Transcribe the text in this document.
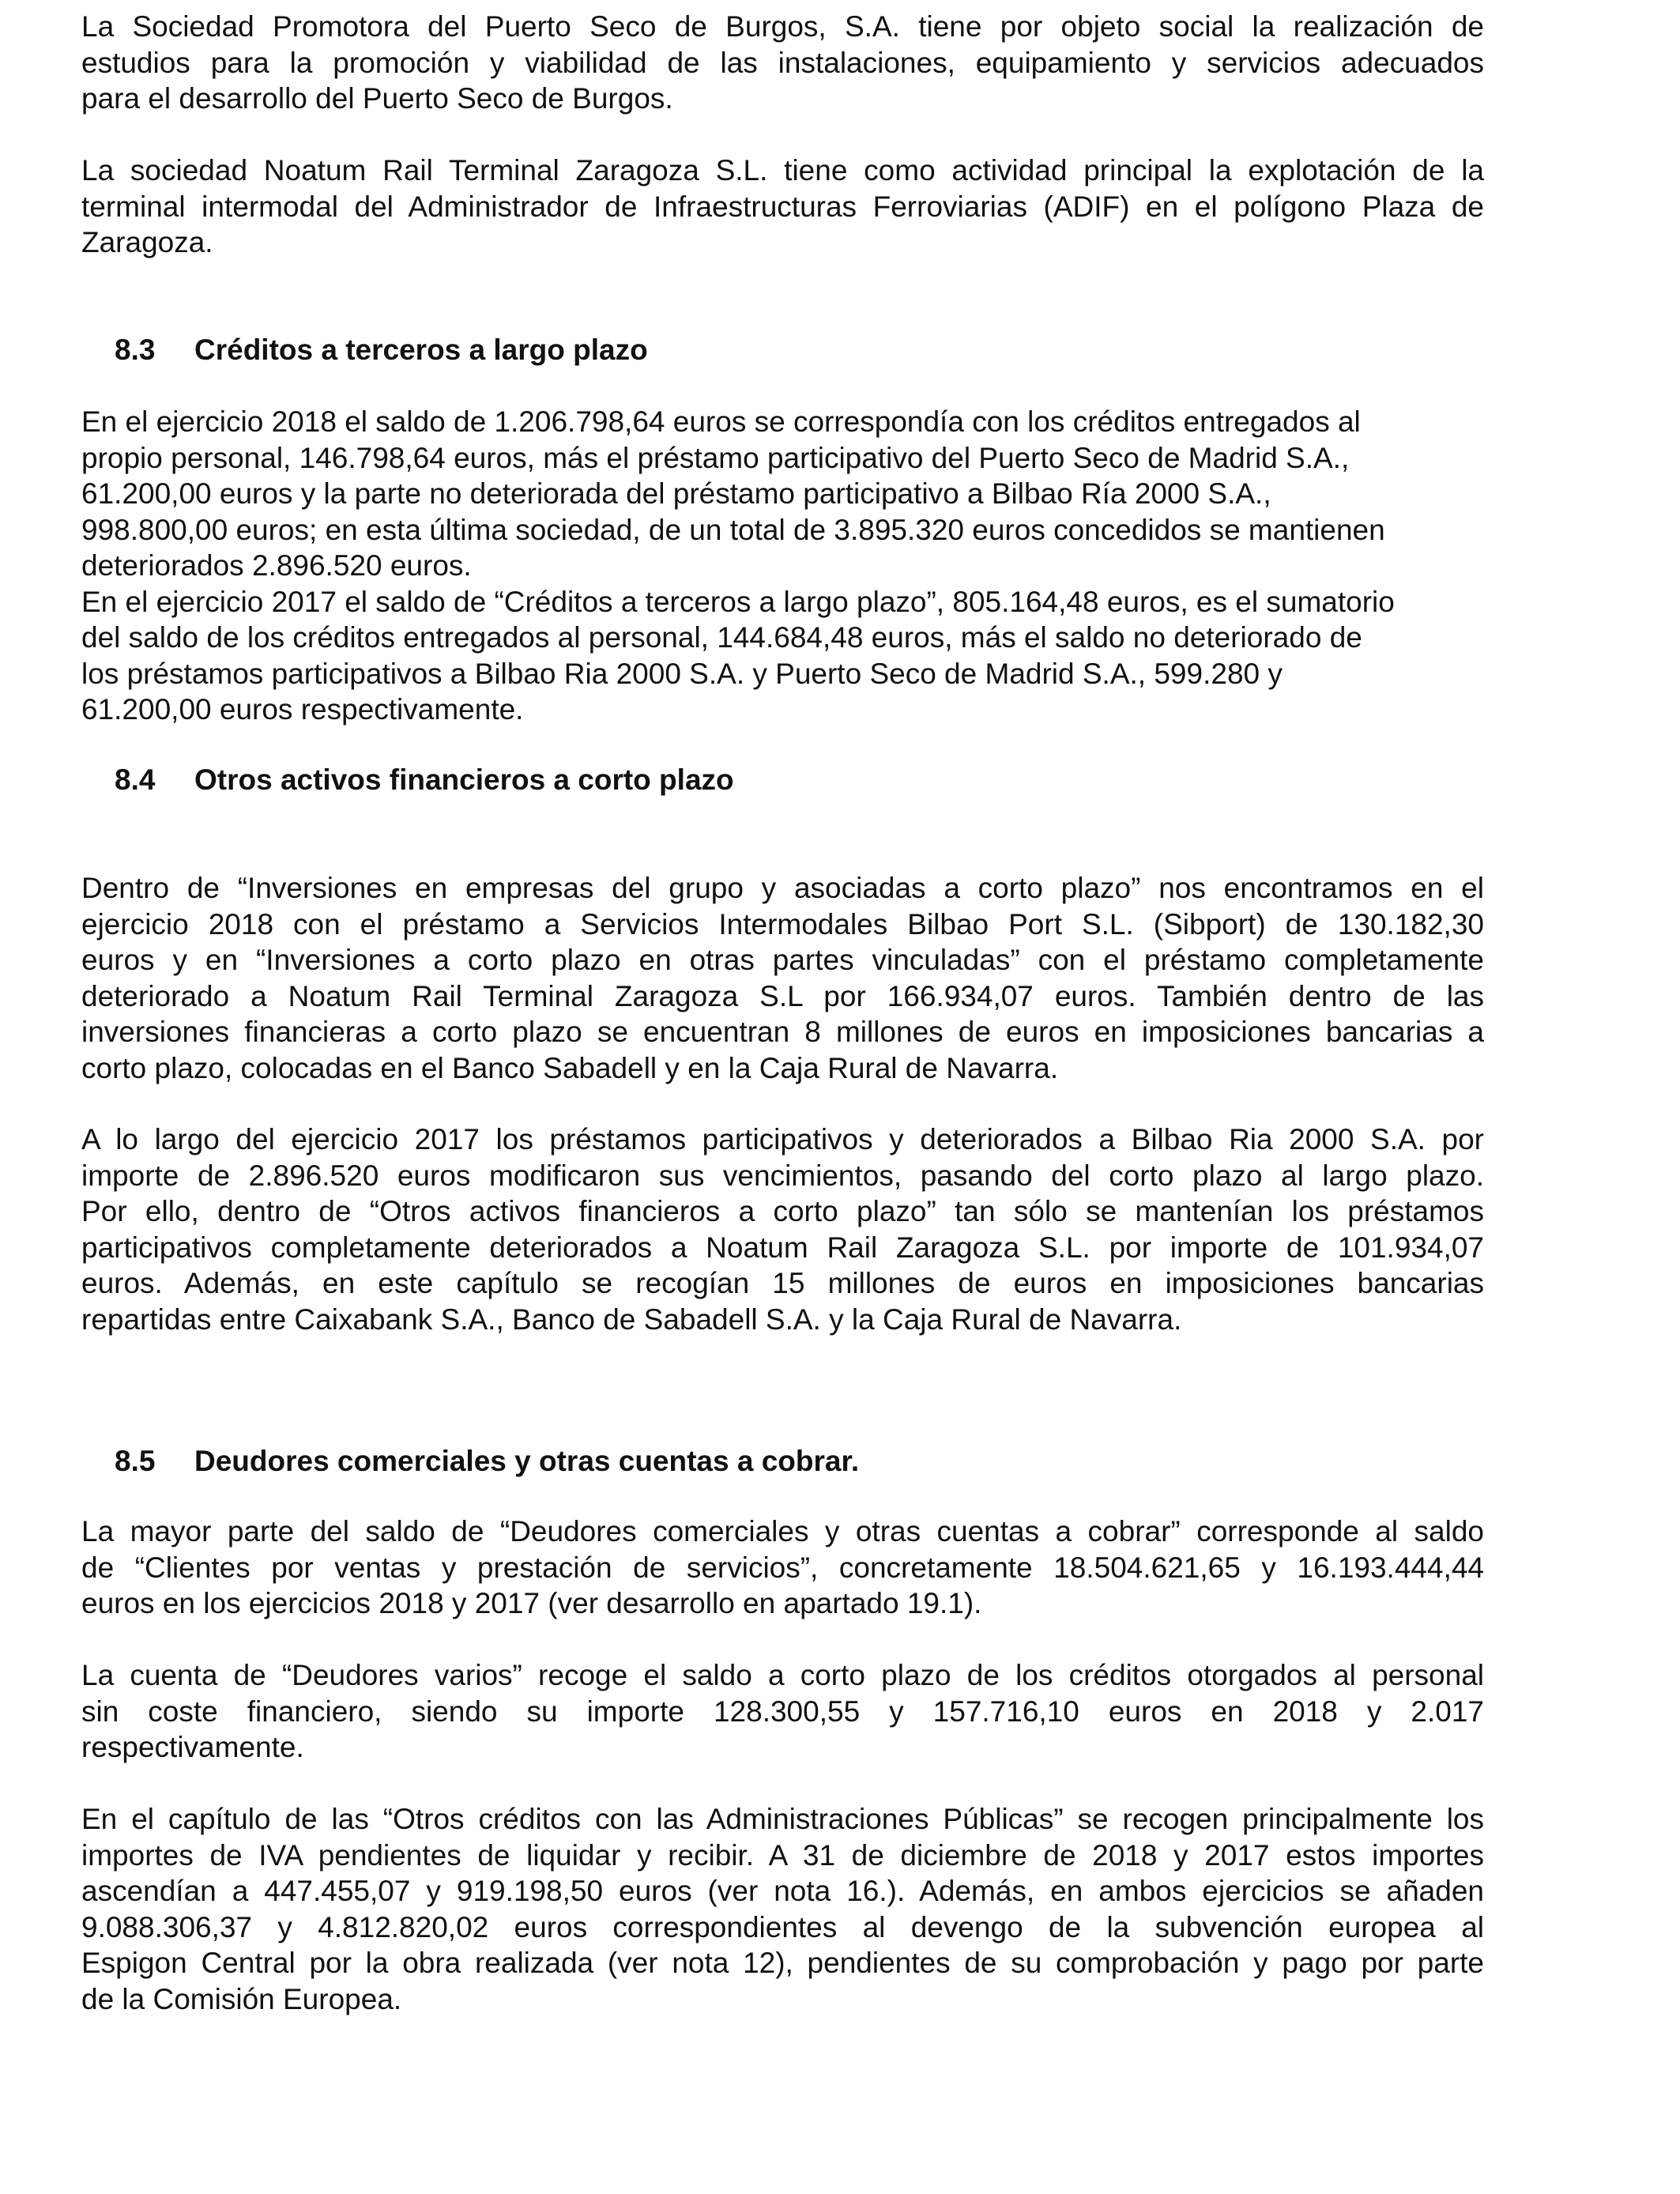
La Sociedad Promotora del Puerto Seco de Burgos, S.A. tiene por objeto social la realización de
estudios para la promoción y viabilidad de las instalaciones, equipamiento y servicios adecuados
para el desarrollo del Puerto Seco de Burgos.

La sociedad Noatum Rail Terminal Zaragoza S.L. tiene como actividad principal la explotación de la
terminal intermodal del Administrador de Infraestructuras Ferroviarias (ADIF) en el polígono Plaza de
Zaragoza.

8.3 Créditos a terceros a largo plazo

En el ejercicio 2018 el saldo de 1.206.798,64 euros se correspondía con los créditos entregados al
propio personal, 146.798,64 euros, más el préstamo participativo del Puerto Seco de Madrid S.A.,
61.200,00 euros y la parte no deteriorada del préstamo participativo a Bilbao Ría 2000 S.A.,
998.800,00 euros; en esta última sociedad, de un total de 3.895.320 euros concedidos se mantienen
deteriorados 2.896.520 euros.
En el ejercicio 2017 el saldo de “Créditos a terceros a largo plazo”, 805.164,48 euros, es el sumatorio
del saldo de los créditos entregados al personal, 144.684,48 euros, más el saldo no deteriorado de
los préstamos participativos a Bilbao Ria 2000 S.A. y Puerto Seco de Madrid S.A., 599.280 y
61.200,00 euros respectivamente.

8.4 Otros activos financieros a corto plazo

Dentro de “Inversiones en empresas del grupo y asociadas a corto plazo” nos encontramos en el
ejercicio 2018 con el préstamo a Servicios Intermodales Bilbao Port S.L. (Sibport) de 130.182,30
euros y en “Inversiones a corto plazo en otras partes vinculadas” con el préstamo completamente
deteriorado a Noatum Rail Terminal Zaragoza S.L por 166.934,07 euros. También dentro de las
inversiones financieras a corto plazo se encuentran 8 millones de euros en imposiciones bancarias a
corto plazo, colocadas en el Banco Sabadell y en la Caja Rural de Navarra.

A lo largo del ejercicio 2017 los préstamos participativos y deteriorados a Bilbao Ria 2000 S.A. por
importe de 2.896.520 euros modificaron sus vencimientos, pasando del corto plazo al largo plazo.
Por ello, dentro de “Otros activos financieros a corto plazo” tan sólo se mantenían los préstamos
participativos completamente deteriorados a Noatum Rail Zaragoza S.L. por importe de 101.934,07
euros. Además, en este capítulo se recogían 15 millones de euros en imposiciones bancarias
repartidas entre Caixabank S.A., Banco de Sabadell S.A. y la Caja Rural de Navarra.

8.5 Deudores comerciales y otras cuentas a cobrar.

La mayor parte del saldo de “Deudores comerciales y otras cuentas a cobrar” corresponde al saldo
de “Clientes por ventas y prestación de servicios”, concretamente 18.504.621,65 y 16.193.444,44
euros en los ejercicios 2018 y 2017 (ver desarrollo en apartado 19.1).

La cuenta de “Deudores varios” recoge el saldo a corto plazo de los créditos otorgados al personal
sin coste financiero, siendo su importe 128.300,55 y 157.716,10 euros en 2018 y 2.017
respectivamente.

En el capítulo de las “Otros créditos con las Administraciones Públicas” se recogen principalmente los
importes de IVA pendientes de liquidar y recibir. A 31 de diciembre de 2018 y 2017 estos importes
ascendían a 447.455,07 y 919.198,50 euros (ver nota 16.). Además, en ambos ejercicios se añaden
9.088.306,37 y 4.812.820,02 euros correspondientes al devengo de la subvención europea al
Espigon Central por la obra realizada (ver nota 12), pendientes de su comprobación y pago por parte
de la Comisión Europea.
